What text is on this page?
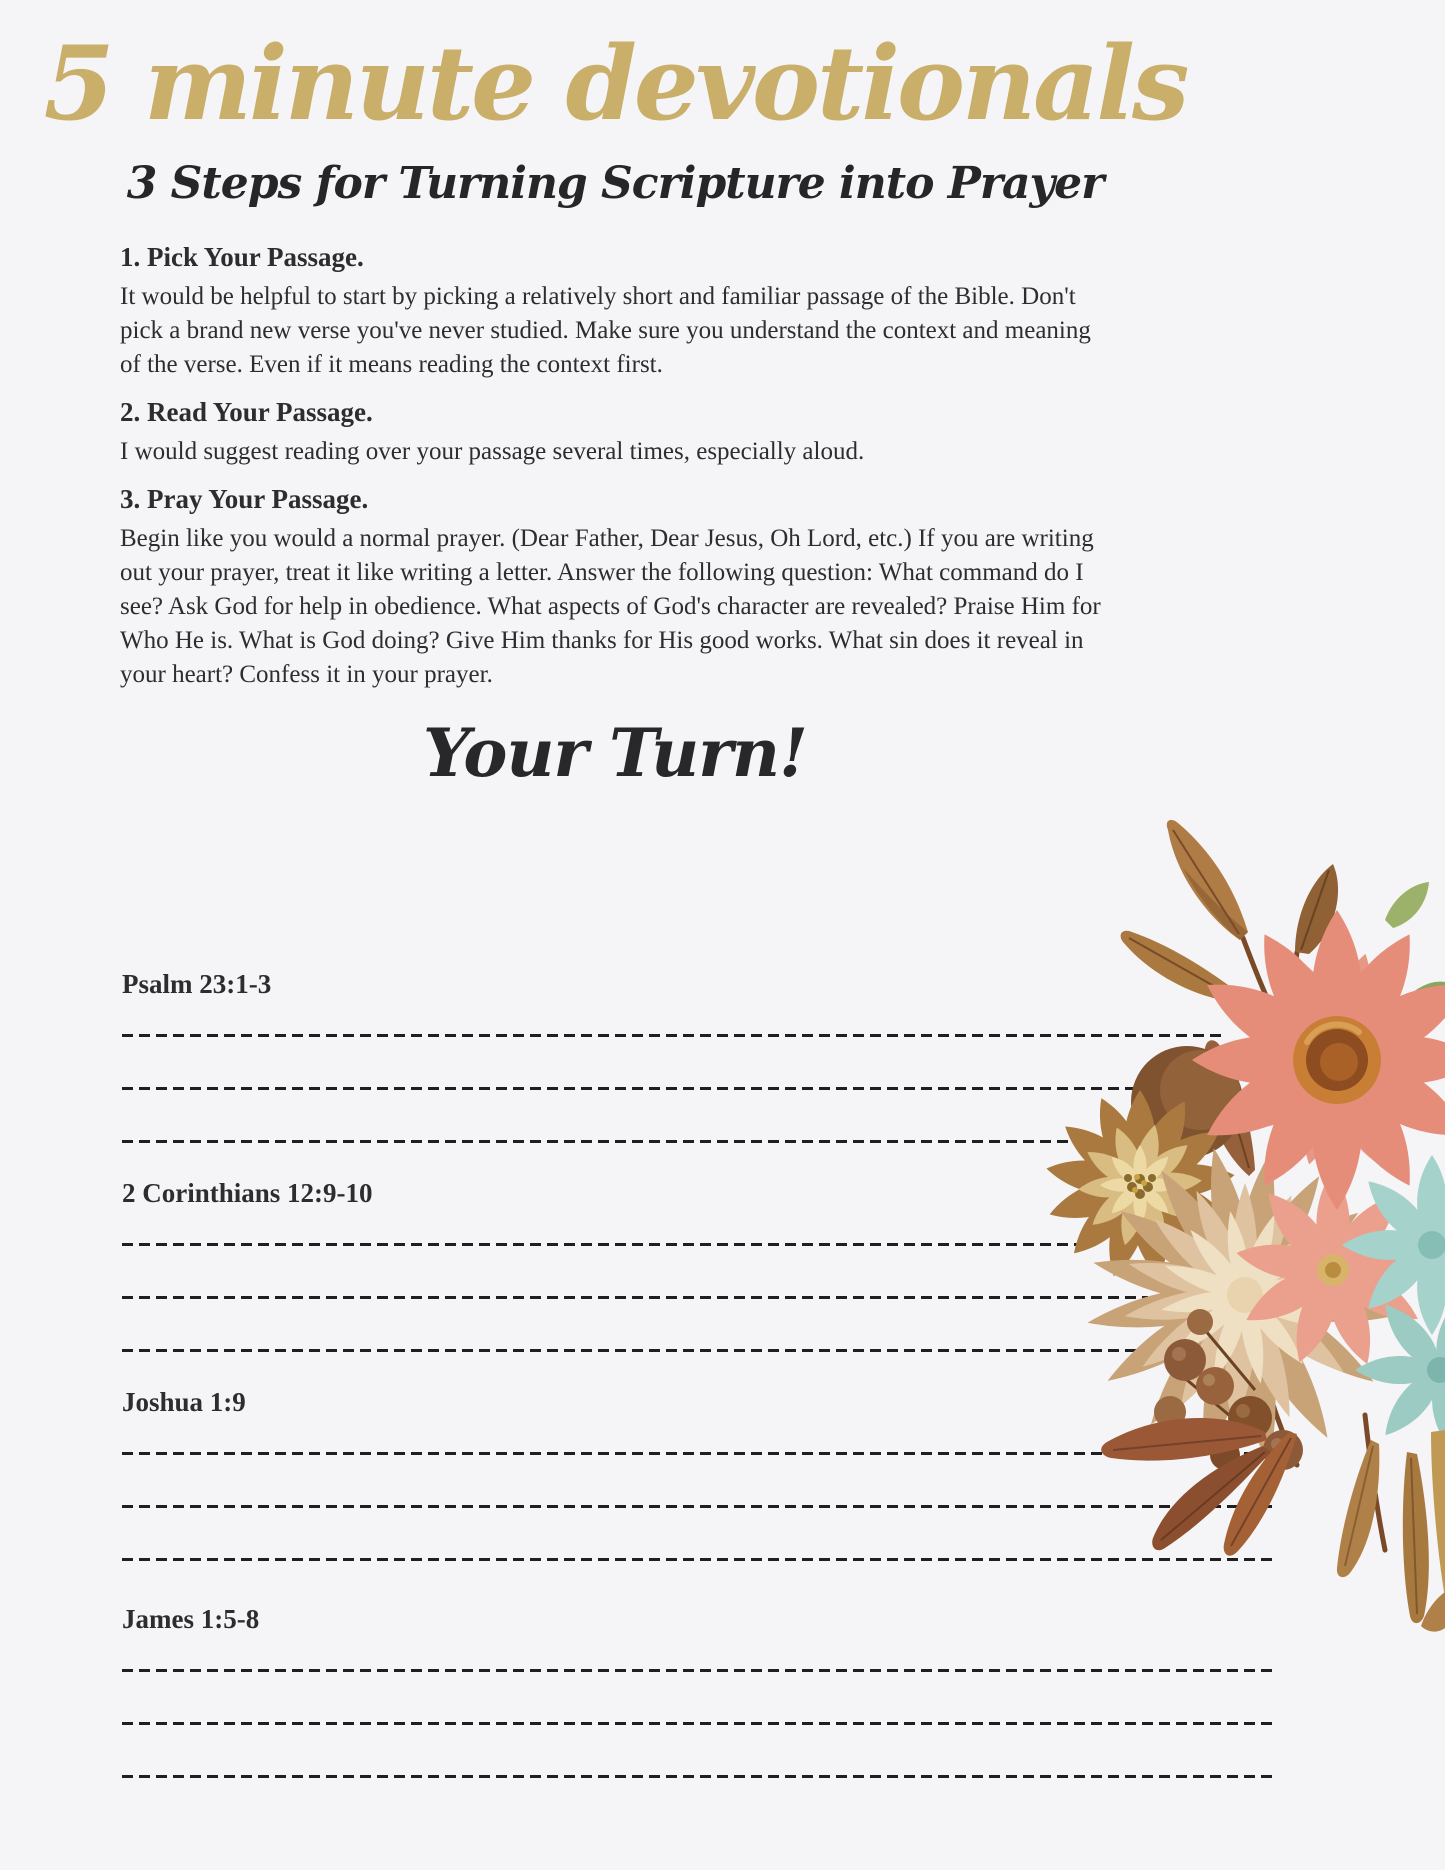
5 minute devotionals
3 Steps for Turning Scripture into Prayer
1. Pick Your Passage.
It would be helpful to start by picking a relatively short and familiar passage of the Bible. Don't pick a brand new verse you've never studied. Make sure you understand the context and meaning of the verse. Even if it means reading the context first.
2. Read Your Passage.
I would suggest reading over your passage several times, especially aloud.
3. Pray Your Passage.
Begin like you would a normal prayer. (Dear Father, Dear Jesus, Oh Lord, etc.) If you are writing out your prayer, treat it like writing a letter. Answer the following question: What command do I see? Ask God for help in obedience. What aspects of God's character are revealed? Praise Him for Who He is. What is God doing? Give Him thanks for His good works. What sin does it reveal in your heart? Confess it in your prayer.
Your Turn!
Psalm 23:1-3
2 Corinthians 12:9-10
Joshua 1:9
James 1:5-8
